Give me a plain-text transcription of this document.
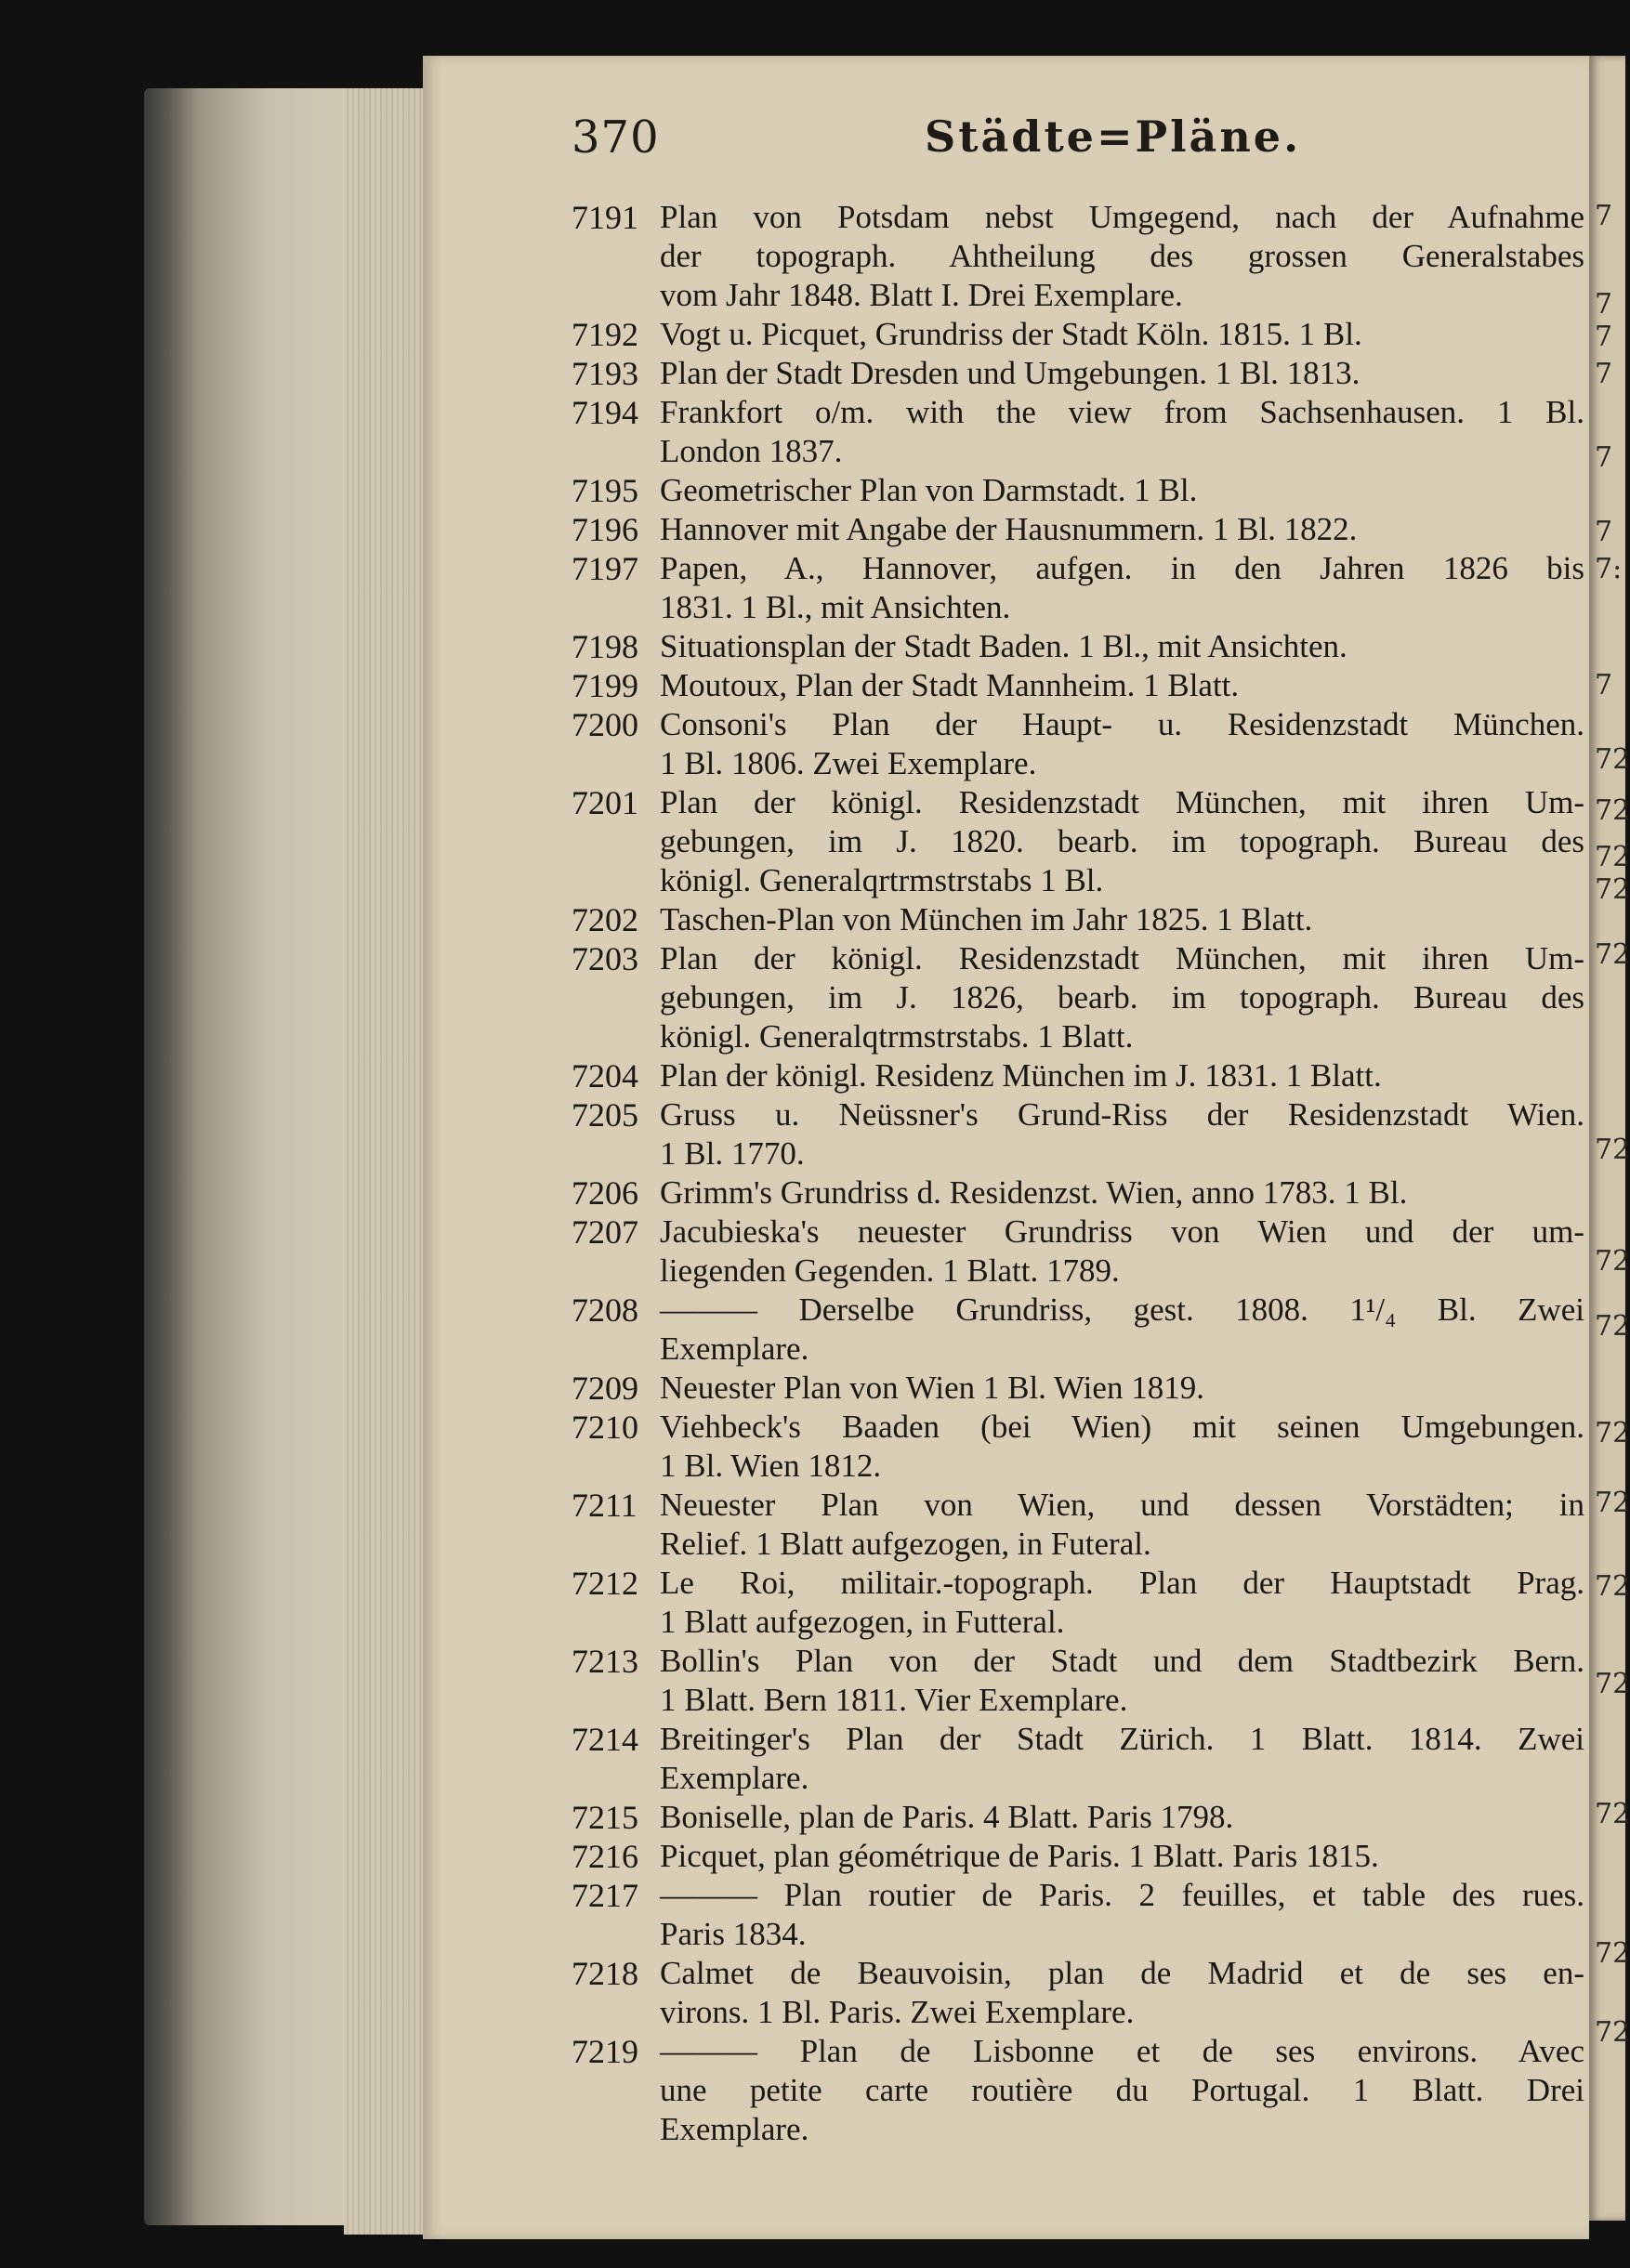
370	Städte=Pläne.
7191 Plan von Potsdam nebst Umgegend, nach der Aufnahme
der topograph. Ahtheilung des grossen Generalstabes
vom Jahr 1848. Blatt I. Drei Exemplare.
7192 Vogt u. Picquet, Grundriss der Stadt Köln. 1815. 1 Bl.
7193 Plan der Stadt Dresden und Umgebungen. 1 Bl. 1813.
7194 Frankfort o/m. with the view from Sachsenhausen. 1 Bl.
London 1837.
7195 Geometrischer Plan von Darmstadt. 1 Bl.
7196 Hannover mit Angabe der Hausnummern. 1 Bl. 1822.
7197 Papen, A., Hannover, aufgen. in den Jahren 1826 bis
1831. 1 Bl., mit Ansichten.
7198 Situationsplan der Stadt Baden. 1 Bl., mit Ansichten.
7199 Moutoux, Plan der Stadt Mannheim. 1 Blatt.
7200 Consoni's Plan der Haupt- u. Residenzstadt München.
1 Bl. 1806. Zwei Exemplare.
7201 Plan der königl. Residenzstadt München, mit ihren Um-
gebungen, im J. 1820. bearb. im topograph. Bureau des
königl. Generalqrtrmstrstabs 1 Bl.
7202 Taschen-Plan von München im Jahr 1825. 1 Blatt.
7203 Plan der königl. Residenzstadt München, mit ihren Um-
gebungen, im J. 1826, bearb. im topograph. Bureau des
königl. Generalqtrmstrstabs. 1 Blatt.
7204 Plan der königl. Residenz München im J. 1831. 1 Blatt.
7205 Gruss u. Neüssner's Grund-Riss der Residenzstadt Wien.
1 Bl. 1770.
7206 Grimm's Grundriss d. Residenzst. Wien, anno 1783. 1 Bl.
7207 Jacubieska's neuester Grundriss von Wien und der um-
liegenden Gegenden. 1 Blatt. 1789.
7208 ——— Derselbe Grundriss, gest. 1808. 1¹/₄ Bl. Zwei
Exemplare.
7209 Neuester Plan von Wien 1 Bl. Wien 1819.
7210 Viehbeck's Baaden (bei Wien) mit seinen Umgebungen.
1 Bl. Wien 1812.
7211 Neuester Plan von Wien, und dessen Vorstädten; in
Relief. 1 Blatt aufgezogen, in Futeral.
7212 Le Roi, militair.-topograph. Plan der Hauptstadt Prag.
1 Blatt aufgezogen, in Futteral.
7213 Bollin's Plan von der Stadt und dem Stadtbezirk Bern.
1 Blatt. Bern 1811. Vier Exemplare.
7214 Breitinger's Plan der Stadt Zürich. 1 Blatt. 1814. Zwei
Exemplare.
7215 Boniselle, plan de Paris. 4 Blatt. Paris 1798.
7216 Picquet, plan géométrique de Paris. 1 Blatt. Paris 1815.
7217 ——— Plan routier de Paris. 2 feuilles, et table des rues.
Paris 1834.
7218 Calmet de Beauvoisin, plan de Madrid et de ses en-
virons. 1 Bl. Paris. Zwei Exemplare.
7219 ——— Plan de Lisbonne et de ses environs. Avec
une petite carte routière du Portugal. 1 Blatt. Drei
Exemplare.
7
7
7
7
7
7
7:
7
72
72
72
72
72
72
72
72
72
72
72
72
72
72
72
